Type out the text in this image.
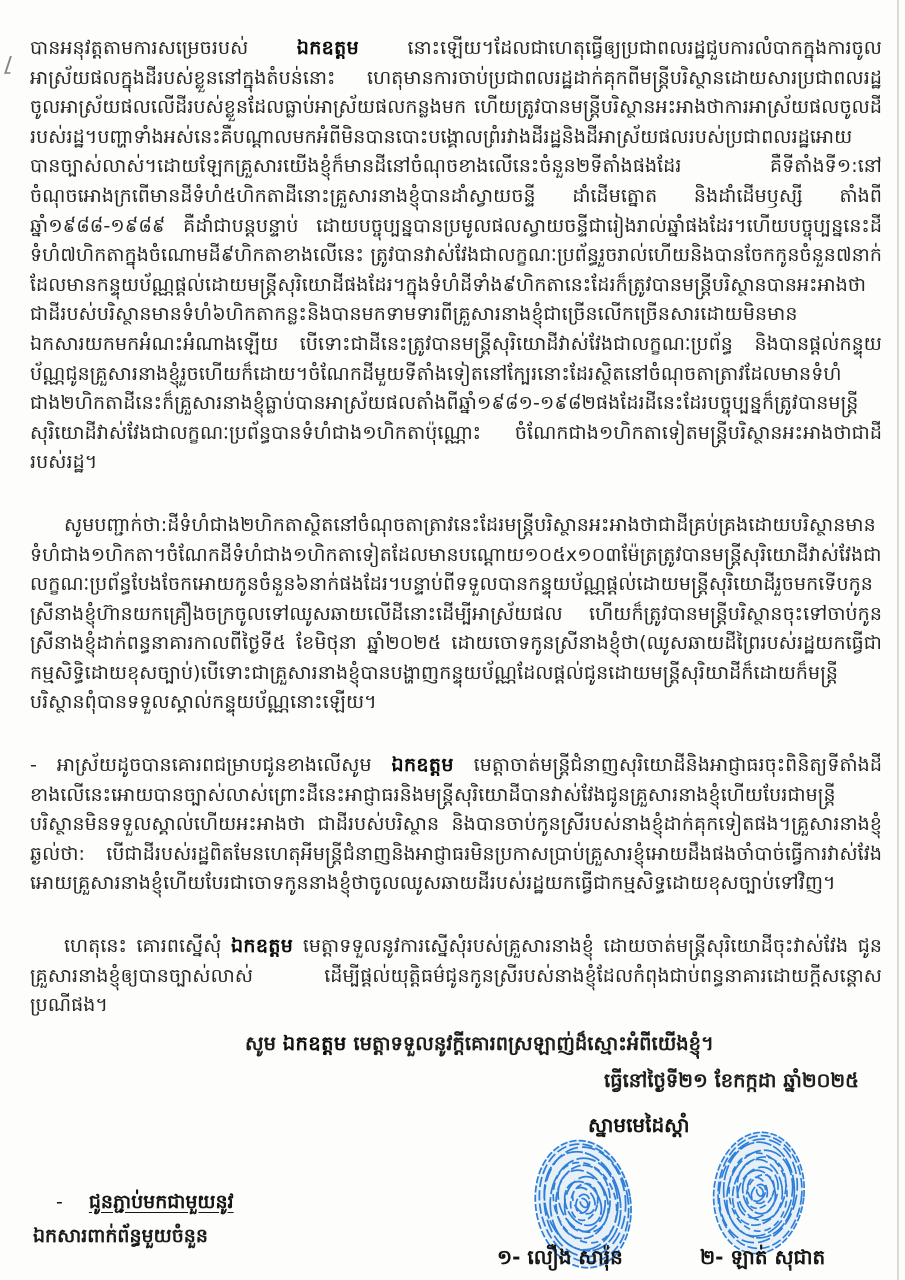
បានអនុវត្តតាមការសម្រេចរបស់ ឯកឧត្តម នោះឡើយ។ដែលជាហេតុធ្វើឲ្យប្រជាពលរដ្ឋជួបការលំបាកក្នុងការចូលអាស្រ័យផលក្នុងដីរបស់ខ្លួននៅក្នុងតំបន់នោះ ហេតុមានការចាប់ប្រជាពលរដ្ឋដាក់គុកពីមន្ត្រីបរិស្ថានដោយសារប្រជាពលរដ្ឋចូលអាស្រ័យផលលើដីរបស់ខ្លួនដែលធ្លាប់អាស្រ័យផលកន្លងមក ហើយត្រូវបានមន្ត្រីបរិស្ថានអះអាងថាការអាស្រ័យផលចូលដីរបស់រដ្ឋ។បញ្ហាទាំងអស់នេះគឺបណ្តាលមកអំពីមិនបានបោះបង្គោលព្រំរវាងដីរដ្ឋនិងដីអាស្រ័យផលរបស់ប្រជាពលរដ្ឋអោយបានច្បាស់លាស់។ដោយឡែកគ្រួសារយើងខ្ញុំក៏មានដីនៅចំណុចខាងលើនេះចំនួន២ទីតាំងផងដែរ គឺទីតាំងទី១:នៅចំណុចអោងក្រពើមានដីទំហំ៥ហិកតាដីនោះគ្រួសារនាងខ្ញុំបានដាំស្វាយចន្ទី ដាំដើមត្នោត និងដាំដើមឫស្សី តាំងពីឆ្នាំ១៩៨៨-១៩៨៩ គឺដាំជាបន្តបន្ទាប់ ដោយបច្ចុប្បន្នបានប្រមូលផលស្វាយចន្ទីជារៀងរាល់ឆ្នាំផងដែរ។ហើយបច្ចុប្បន្ននេះដីទំហំ៧ហិកតាក្នុងចំណោមដី៩ហិកតាខាងលើនេះ ត្រូវបានវាស់វែងជាលក្ខណៈប្រព័ន្ធរួចរាល់ហើយនិងបានចែកកូនចំនួន៧នាក់ ដែលមានកន្ទុយប័ណ្ណផ្តល់ដោយមន្ត្រីសុរិយោដីផងដែរ។ក្នុងទំហំដីទាំង៩ហិកតានេះដែរក៏ត្រូវបានមន្ត្រីបរិស្ថានបានអះអាងថាជាដីរបស់បរិស្ថានមានទំហំ៦ហិកតាកន្លះនិងបានមកទាមទារពីគ្រួសារនាងខ្ញុំជាច្រើនលើកច្រើនសារដោយមិនមានឯកសារយកមកអំណះអំណាងឡើយ បើទោះជាដីនេះត្រូវបានមន្ត្រីសុរិយោដីវាស់វែងជាលក្ខណៈប្រព័ន្ធ និងបានផ្តល់កន្ទុយប័ណ្ណជូនគ្រួសារនាងខ្ញុំរួចហើយក៏ដោយ។ចំណែកដីមួយទីតាំងទៀតនៅក្បែរនោះដែរស្ថិតនៅចំណុចតាត្រាវដែលមានទំហំជាង២ហិកតាដីនេះក៏គ្រួសារនាងខ្ញុំធ្លាប់បានអាស្រ័យផលតាំងពីឆ្នាំ១៩៨១-១៩៨២ផងដែរដីនេះដែរបច្ចុប្បន្នក៏ត្រូវបានមន្ត្រីសុរិយោដីវាស់វែងជាលក្ខណៈប្រព័ន្ធបានទំហំជាង១ហិកតាប៉ុណ្ណោះ ចំណែកជាង១ហិកតាទៀតមន្ត្រីបរិស្ថានអះអាងថាជាដីរបស់រដ្ឋ។

សូមបញ្ជាក់ថា:ដីទំហំជាង២ហិកតាស្ថិតនៅចំណុចតាត្រាវនេះដែរមន្ត្រីបរិស្ថានអះអាងថាជាដីគ្រប់គ្រងដោយបរិស្ថានមានទំហំជាង១ហិកតា។ចំណែកដីទំហំជាង១ហិកតាទៀតដែលមានបណ្តោយ១០៥x១០៣ម៉ែត្រត្រូវបានមន្ត្រីសុរិយោដីវាស់វែងជាលក្ខណៈប្រព័ន្ធបែងចែកអោយកូនចំនួន៦នាក់ផងដែរ។បន្ទាប់ពីទទួលបានកន្ទុយប័ណ្ណផ្តល់ដោយមន្ត្រីសុរិយោដីរួចមកទើបកូនស្រីនាងខ្ញុំហ៊ានយកគ្រឿងចក្រចូលទៅឈូសឆាយលើដីនោះដើម្បីអាស្រ័យផល ហើយក៏ត្រូវបានមន្ត្រីបរិស្ថានចុះទៅចាប់កូនស្រីនាងខ្ញុំដាក់ពន្ធនាគារកាលពីថ្ងៃទី៥ ខែមិថុនា ឆ្នាំ២០២៥ ដោយចោទកូនស្រីនាងខ្ញុំថា(ឈូសឆាយដីព្រៃរបស់រដ្ឋយកធ្វើជាកម្មសិទ្ធិដោយខុសច្បាប់)បើទោះជាគ្រួសារនាងខ្ញុំបានបង្ហាញកន្ទុយប័ណ្ណដែលផ្តល់ជូនដោយមន្ត្រីសុរិយាដីក៏ដោយក៏មន្ត្រីបរិស្ថានពុំបានទទួលស្គាល់កន្ទុយប័ណ្ណនោះឡើយ។

- អាស្រ័យដូចបានគោរពជម្រាបជូនខាងលើសូម ឯកឧត្តម មេត្តាចាត់មន្ត្រីជំនាញសុរិយោដីនិងអាជ្ញាធរចុះពិនិត្យទីតាំងដីខាងលើនេះអោយបានច្បាស់លាស់ព្រោះដីនេះអាជ្ញាធរនិងមន្ត្រីសុរិយោដីបានវាស់វែងជូនគ្រួសារនាងខ្ញុំហើយបែរជាមន្ត្រីបរិស្ថានមិនទទួលស្គាល់ហើយអះអាងថា ជាដីរបស់បរិស្ថាន និងបានចាប់កូនស្រីរបស់នាងខ្ញុំដាក់គុកទៀតផង។គ្រួសារនាងខ្ញុំឆ្ងល់ថា: បើជាដីរបស់រដ្ឋពិតមែនហេតុអីមន្ត្រីជំនាញនិងអាជ្ញាធរមិនប្រកាសប្រាប់គ្រួសារខ្ញុំអោយដឹងផងចាំបាច់ធ្វើការវាស់វែងអោយគ្រួសារនាងខ្ញុំហើយបែរជាចោទកូននាងខ្ញុំថាចូលឈូសឆាយដីរបស់រដ្ឋយកធ្វើជាកម្មសិទ្ធដោយខុសច្បាប់ទៅវិញ។

ហេតុនេះ គោរពស្នើសុំ ឯកឧត្តម មេត្តាទទួលនូវការស្នើសុំរបស់គ្រួសារនាងខ្ញុំ ដោយចាត់មន្ត្រីសុរិយោដីចុះវាស់វែង ជូនគ្រួសារនាងខ្ញុំឲ្យបានច្បាស់លាស់ ដើម្បីផ្តល់យុត្តិធម៌ជូនកូនស្រីរបស់នាងខ្ញុំដែលកំពុងជាប់ពន្ធនាគារដោយក្តីសន្តោសប្រណីផង។

សូម ឯកឧត្តម មេត្តាទទួលនូវក្តីគោរពស្រឡាញ់ដ៏ស្មោះអំពីយើងខ្ញុំ។
ធ្វើនៅថ្ងៃទី២១ ខែកក្កដា ឆ្នាំ២០២៥
ស្នាមមេដៃស្តាំ
១- លឿង សារ៉ុន	២- ឡាត់ សុជាត
- ជូនភ្ជាប់មកជាមួយនូវ
ឯកសារពាក់ព័ន្ធមួយចំនួន
